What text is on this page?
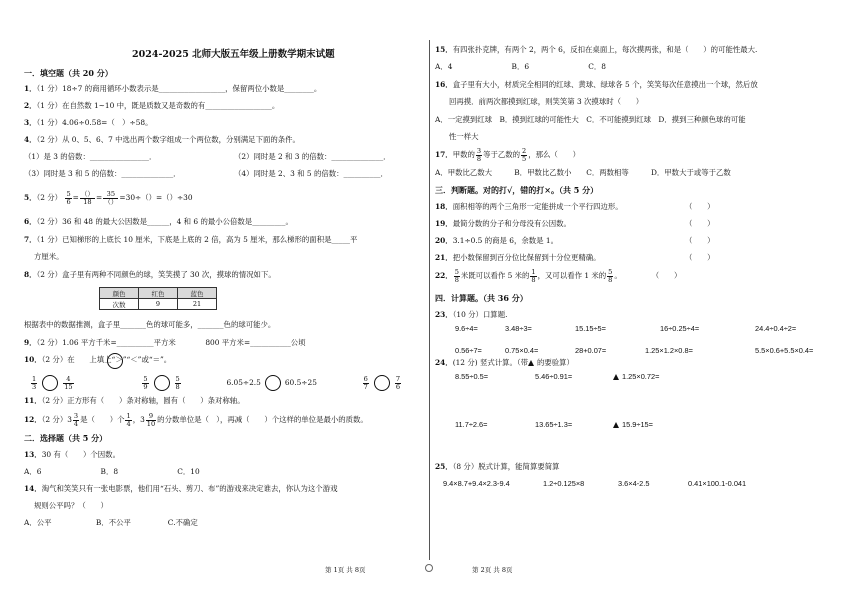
2024-2025 北师大版五年级上册数学期末试题
一．填空题（共 20 分）
1．（1 分）18÷7 的商用循环小数表示是__________________，保留两位小数是________。
2．（1 分）在自然数 1~10 中，既是质数又是奇数的有__________________。
3．（1 分）4.06÷0.58=（　）÷58。
4．（2 分）从 0、5、6、7 中选出两个数字组成一个两位数，分别满足下面的条件。
（1）是 3 的倍数：________________．	（2）同时是 2 和 3 的倍数：______________．
（3）同时是 3 和 5 的倍数：______________．	（4）同时是 2、3 和 5 的倍数：__________．
5．（2 分） $\frac{5}{6} = \frac{()}{18} = \frac{35}{()} =30\div()=()\div 30$
6．（2 分）36 和 48 的最大公因数是______，4 和 6 的最小公倍数是_________。
7．（1 分）已知梯形的上底长 10 厘米，下底是上底的 2 倍，高为 5 厘米，那么梯形的面积是_____平
方厘米。
8．（2 分）盒子里有两种不同颜色的球，笑笑摸了 30 次，摸球的情况如下。
颜色	红色	蓝色
次数	9	21
根据表中的数据推测，盒子里_______色的球可能多，_______色的球可能少。
9．（2 分）1.06 平方千米=__________平方米　　　　800 平方米=___________公顷
10．（2 分）在　　上填上“＞”“＜”或“＝”。
$\frac{1}{3}$	$\frac{4}{15}$
	$\frac{5}{9}$	$\frac{5}{8}$	6.05÷2.5	60.5÷25	$\frac{6}{7}$	$\frac{7}{6}$
11．（2 分）正方形有（　　）条对称轴，圆有（　　）条对称轴。
12．（2 分）$3 \frac{3}{4}$ 是（　　）个 $\frac{1}{4}$ ，$3 \frac{9}{10}$ 的分数单位是（　），再减（　　）个这样的单位是最小的质数。
二．选择题（共 5 分）
13．30 有（　　）个因数。
A．6　　　　　　　　B．8　　　　　　　　C．10
14．淘气和笑笑只有一张电影票，他们用“石头、剪刀、布”的游戏来决定谁去，你认为这个游戏
规则公平吗？（　　）
A．公平　　　　　　B．不公平　　　　　C.不确定
15．有四张扑克牌，有两个 2，两个 6，反扣在桌面上，每次摸两张，和是（　　）的可能性最大.
A．4　　　　　　　　B．6　　　　　　　　C．8
16．盒子里有大小，材质完全相同的红球、黄球、绿球各 5 个，笑笑每次任意摸出一个球，然后放
回再摸．前两次都摸到红球，则笑笑第 3 次摸球时（　　）
A．一定摸到红球　B．摸到红球的可能性大　C．不可能摸到红球　D．摸到三种颜色球的可能
性一样大
17．甲数的 $\frac{3}{8}$ 等于乙数的 $\frac{2}{5}$ ，那么（　　）
A．甲数比乙数大　　　B．甲数比乙数小　　C．两数相等　　　D．甲数大于或等于乙数
三．判断题。对的打√，错的打×。（共 5 分）
18．面积相等的两个三角形一定能拼成一个平行四边形。	（　　）
19．最简分数的分子和分母没有公因数。	（　　）
20．3.1÷0.5 的商是 6，余数是 1。	（　　）
21．把小数保留到百分位比保留到十分位更精确。	（　　）
22． $\frac{5}{8}$ 米既可以看作 5 米的 $\frac{1}{8}$ ，又可以看作 1 米的 $\frac{5}{8}$ 。	（　　）
四．计算题。（共 36 分）
23．（10 分）口算题.
9.6÷4=	3.48÷3=	15.15÷5=	16÷0.25÷4=	24.4÷0.4÷2=
0.56÷7=	0.75×0.4=	28+0.07=	1.25×1.2×0.8=	5.5×0.6+5.5×0.4=
24．(12 分) 竖式计算。（带 的要验算）
8.55÷0.5=	5.46÷0.91=	1.25×0.72=
11.7÷2.6=	13.65÷1.3=	15.9÷15=
25．（8 分）脱式计算，能简算要简算
9.4×8.7+9.4×2.3-9.4	1.2÷0.125×8	3.6×4-2.5	0.41×100.1-0.041
第 1页 共 8页	第 2页 共 8页
